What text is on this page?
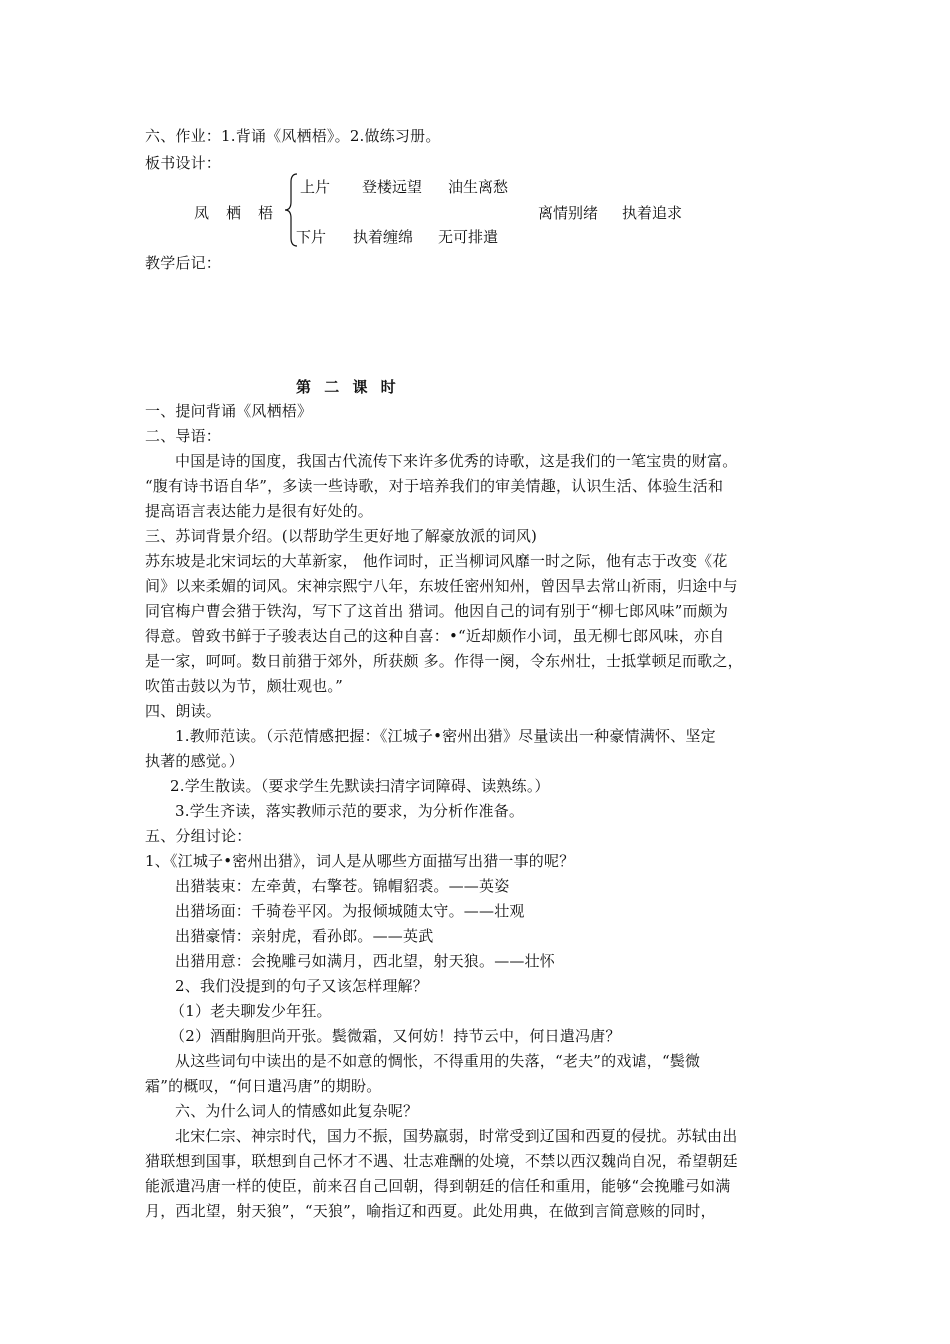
六、作业：1.背诵《风栖梧》。2.做练习册。
板书设计：
凤　栖　梧
上片 登楼远望 油生离愁
下片 执着缠绵 无可排遣
离情别绪 执着追求
教学后记：
第 二 课 时
一、提问背诵《风栖梧》
二、导语：
中国是诗的国度，我国古代流传下来许多优秀的诗歌，这是我们的一笔宝贵的财富。
“腹有诗书语自华”，多读一些诗歌，对于培养我们的审美情趣，认识生活、体验生活和
提高语言表达能力是很有好处的。
三、苏词背景介绍。(以帮助学生更好地了解豪放派的词风)
苏东坡是北宋词坛的大革新家， 他作词时，正当柳词风靡一时之际，他有志于改变《花
间》以来柔媚的词风。宋神宗熙宁八年，东坡任密州知州，曾因旱去常山祈雨，归途中与
同官梅户曹会猎于铁沟，写下了这首出 猎词。他因自己的词有别于“柳七郎风味”而颇为
得意。曾致书鲜于子骏表达自己的这种自喜：•“近却颇作小词，虽无柳七郎风味，亦自
是一家，呵呵。数日前猎于郊外，所获颇 多。作得一阕，令东州壮，士抵掌顿足而歌之，
吹笛击鼓以为节，颇壮观也。”
四、朗读。
1.教师范读。（示范情感把握：《江城子•密州出猎》尽量读出一种豪情满怀、坚定
执著的感觉。）
2.学生散读。（要求学生先默读扫清字词障碍、读熟练。）
3.学生齐读，落实教师示范的要求，为分析作准备。
五、分组讨论：
1、《江城子•密州出猎》，词人是从哪些方面描写出猎一事的呢？
出猎装束：左牵黄，右擎苍。锦帽貂裘。——英姿
出猎场面：千骑卷平冈。为报倾城随太守。——壮观
出猎豪情：亲射虎，看孙郎。——英武
出猎用意：会挽雕弓如满月，西北望，射天狼。——壮怀
2、我们没提到的句子又该怎样理解？
（1）老夫聊发少年狂。
（2）酒酣胸胆尚开张。鬓微霜，又何妨！持节云中，何日遣冯唐？
从这些词句中读出的是不如意的惆怅，不得重用的失落，“老夫”的戏谑，“鬓微
霜”的概叹，“何日遣冯唐”的期盼。
六、为什么词人的情感如此复杂呢？
北宋仁宗、神宗时代，国力不振，国势羸弱，时常受到辽国和西夏的侵扰。苏轼由出
猎联想到国事，联想到自己怀才不遇、壮志难酬的处境，不禁以西汉魏尚自况，希望朝廷
能派遣冯唐一样的使臣，前来召自己回朝，得到朝廷的信任和重用，能够“会挽雕弓如满
月，西北望，射天狼”，“天狼”，喻指辽和西夏。此处用典，在做到言简意赅的同时，
